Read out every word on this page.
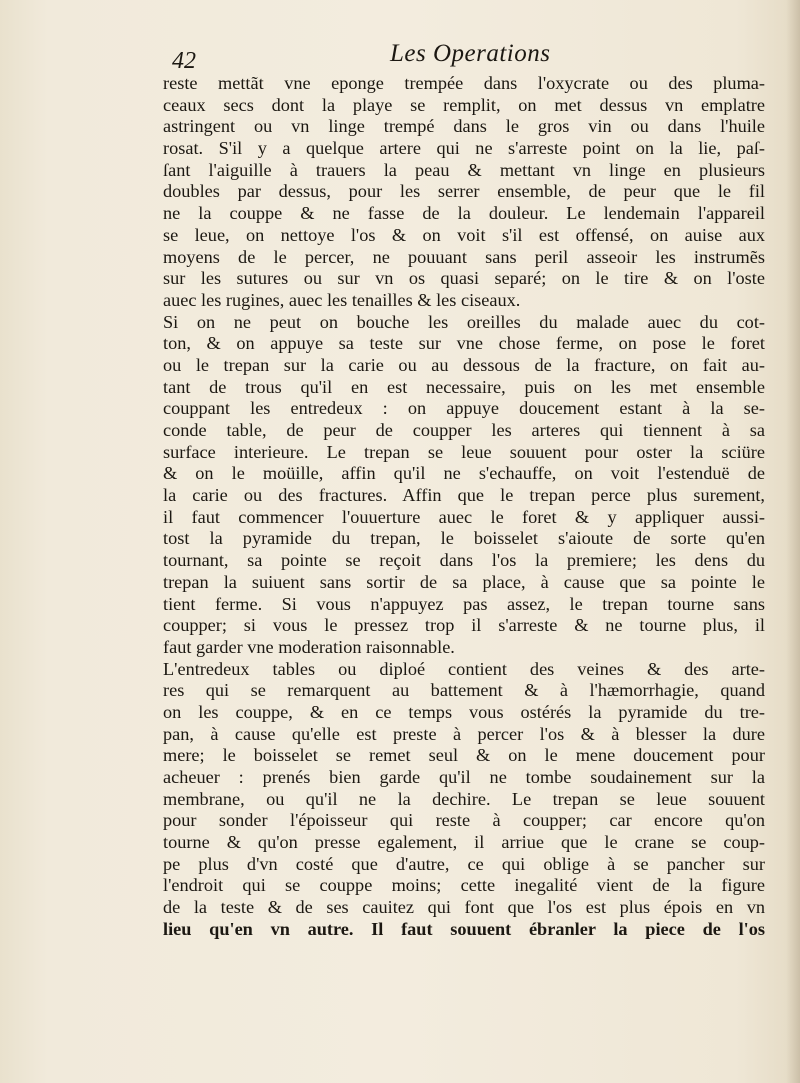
42	Les Operations
reste mettãt vne eponge trempée dans l'oxycrate ou des pluma-
ceaux secs dont la playe se remplit, on met dessus vn emplatre
astringent ou vn linge trempé dans le gros vin ou dans l'huile
rosat. S'il y a quelque artere qui ne s'arreste point on la lie, paſ-
ſant l'aiguille à trauers la peau & mettant vn linge en plusieurs
doubles par dessus, pour les serrer ensemble, de peur que le fil
ne la couppe & ne fasse de la douleur. Le lendemain l'appareil
se leue, on nettoye l'os & on voit s'il est offensé, on auise aux
moyens de le percer, ne pouuant sans peril asseoir les instrumẽs
sur les sutures ou sur vn os quasi separé; on le tire & on l'oste
auec les rugines, auec les tenailles & les ciseaux.
Si on ne peut on bouche les oreilles du malade auec du cot-
ton, & on appuye sa teste sur vne chose ferme, on pose le foret
ou le trepan sur la carie ou au dessous de la fracture, on fait au-
tant de trous qu'il en est necessaire, puis on les met ensemble
couppant les entredeux : on appuye doucement estant à la se-
conde table, de peur de coupper les arteres qui tiennent à sa
surface interieure. Le trepan se leue souuent pour oster la sciüre
& on le moüille, affin qu'il ne s'echauffe, on voit l'estenduë de
la carie ou des fractures. Affin que le trepan perce plus surement,
il faut commencer l'ouuerture auec le foret & y appliquer aussi-
tost la pyramide du trepan, le boisselet s'aioute de sorte qu'en
tournant, sa pointe se reçoit dans l'os la premiere; les dens du
trepan la suiuent sans sortir de sa place, à cause que sa pointe le
tient ferme. Si vous n'appuyez pas assez, le trepan tourne sans
coupper; si vous le pressez trop il s'arreste & ne tourne plus, il
faut garder vne moderation raisonnable.
L'entredeux tables ou diploé contient des veines & des arte-
res qui se remarquent au battement & à l'hæmorrhagie, quand
on les couppe, & en ce temps vous ostérés la pyramide du tre-
pan, à cause qu'elle est preste à percer l'os & à blesser la dure
mere; le boisselet se remet seul & on le mene doucement pour
acheuer : prenés bien garde qu'il ne tombe soudainement sur la
membrane, ou qu'il ne la dechire. Le trepan se leue souuent
pour sonder l'époisseur qui reste à coupper; car encore qu'on
tourne & qu'on presse egalement, il arriue que le crane se coup-
pe plus d'vn costé que d'autre, ce qui oblige à se pancher sur
l'endroit qui se couppe moins; cette inegalité vient de la figure
de la teste & de ses cauitez qui font que l'os est plus épois en vn
lieu qu'en vn autre. Il faut souuent ébranler la piece de l'os
